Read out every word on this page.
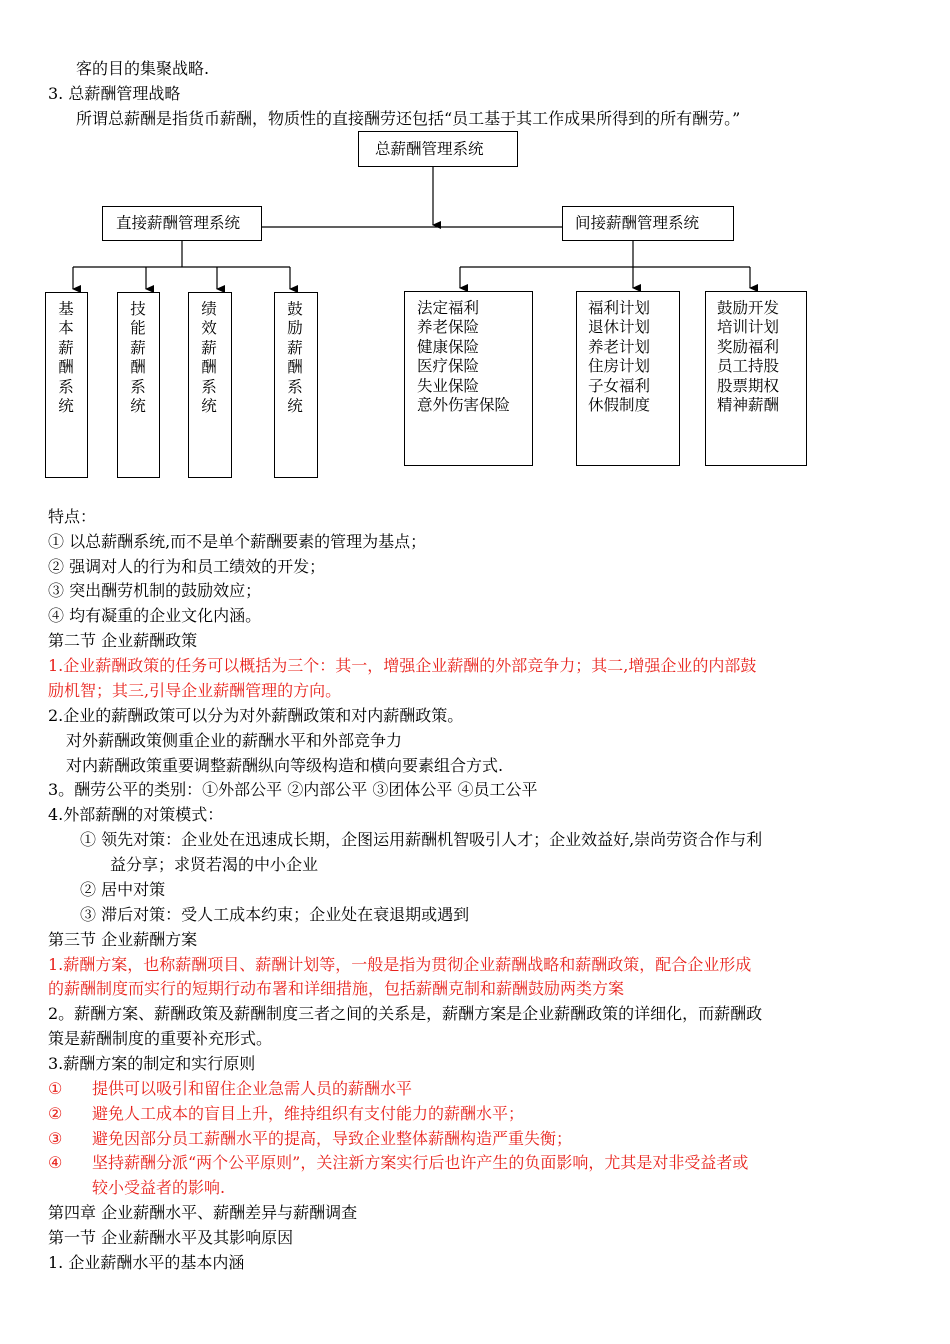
客的目的集聚战略.
3. 总薪酬管理战略
所谓总薪酬是指货币薪酬，物质性的直接酬劳还包括“员工基于其工作成果所得到的所有酬劳。”
总薪酬管理系统
直接薪酬管理系统	间接薪酬管理系统
基本薪酬系统
技能薪酬系统
绩效薪酬系统
鼓励薪酬系统
法定福利
养老保险
健康保险
医疗保险
失业保险
意外伤害保险
福利计划
退休计划
养老计划
住房计划
子女福利
休假制度
鼓励开发
培训计划
奖励福利
员工持股
股票期权
精神薪酬
特点：
① 以总薪酬系统,而不是单个薪酬要素的管理为基点；
② 强调对人的行为和员工绩效的开发；
③ 突出酬劳机制的鼓励效应；
④ 均有凝重的企业文化内涵。
第二节 企业薪酬政策
1.企业薪酬政策的任务可以概括为三个：其一，增强企业薪酬的外部竞争力；其二,增强企业的内部鼓
励机智；其三,引导企业薪酬管理的方向。
2.企业的薪酬政策可以分为对外薪酬政策和对内薪酬政策。
对外薪酬政策侧重企业的薪酬水平和外部竞争力
对内薪酬政策重要调整薪酬纵向等级构造和横向要素组合方式.
3。酬劳公平的类别：①外部公平 ②内部公平 ③团体公平 ④员工公平
4.外部薪酬的对策模式：
① 领先对策：企业处在迅速成长期，企图运用薪酬机智吸引人才；企业效益好,崇尚劳资合作与利
益分享；求贤若渴的中小企业
② 居中对策
③ 滞后对策：受人工成本约束；企业处在衰退期或遇到
第三节 企业薪酬方案
1.薪酬方案，也称薪酬项目、薪酬计划等，一般是指为贯彻企业薪酬战略和薪酬政策，配合企业形成
的薪酬制度而实行的短期行动布署和详细措施，包括薪酬克制和薪酬鼓励两类方案
2。薪酬方案、薪酬政策及薪酬制度三者之间的关系是，薪酬方案是企业薪酬政策的详细化，而薪酬政
策是薪酬制度的重要补充形式。
3.薪酬方案的制定和实行原则
① 提供可以吸引和留住企业急需人员的薪酬水平
② 避免人工成本的盲目上升，维持组织有支付能力的薪酬水平；
③ 避免因部分员工薪酬水平的提高，导致企业整体薪酬构造严重失衡；
④ 坚持薪酬分派“两个公平原则”，关注新方案实行后也许产生的负面影响，尤其是对非受益者或
较小受益者的影响.
第四章 企业薪酬水平、薪酬差异与薪酬调查
第一节 企业薪酬水平及其影响原因
1. 企业薪酬水平的基本内涵
